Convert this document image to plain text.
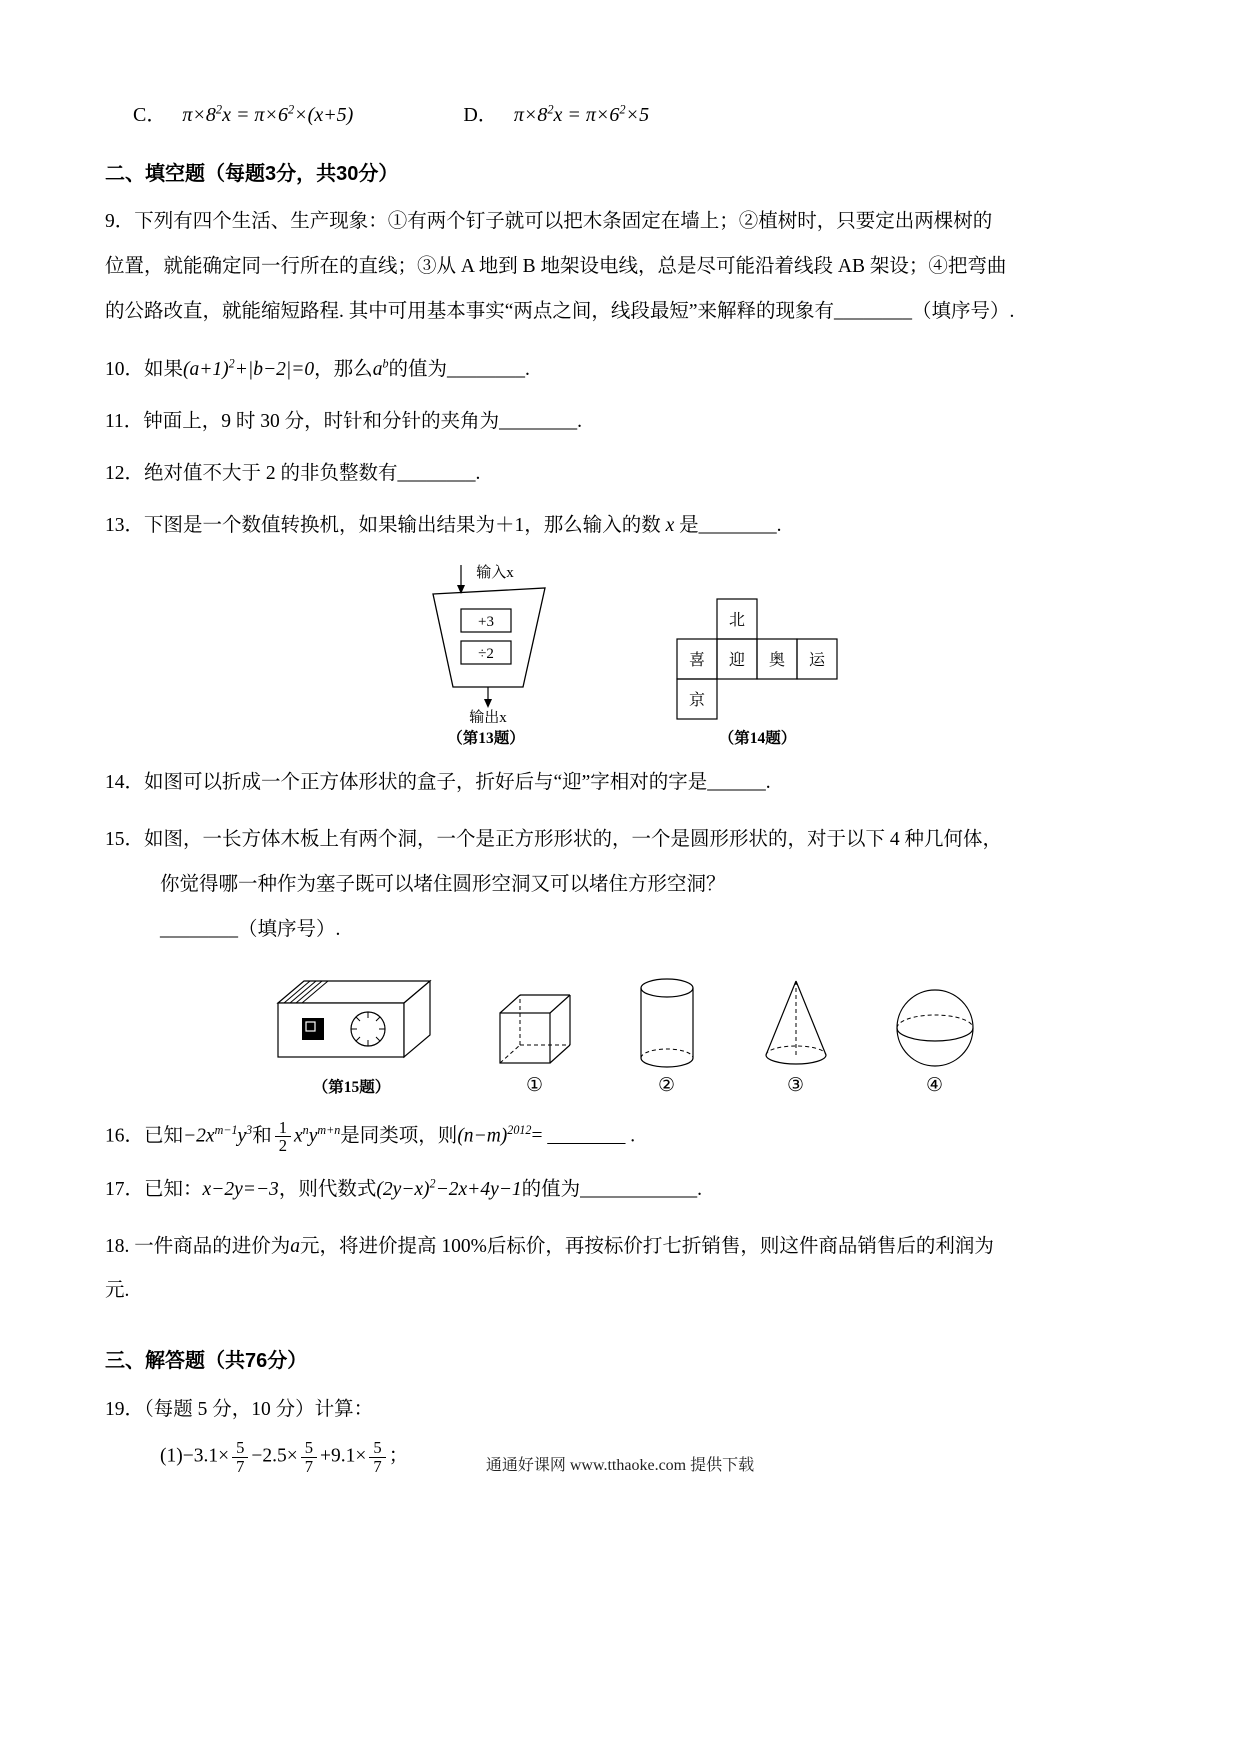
C． $\pi\times 8^2x = \pi\times 6^2\times(x+5)$	D． $\pi\times 8^2x = \pi\times 6^2\times 5$
二、填空题（每题3分，共30分）
9．下列有四个生活、生产现象：①有两个钉子就可以把木条固定在墙上；②植树时，只要定出两棵树的
位置，就能确定同一行所在的直线；③从 A 地到 B 地架设电线，总是尽可能沿着线段 AB 架设；④把弯曲
的公路改直，就能缩短路程. 其中可用基本事实“两点之间，线段最短”来解释的现象有________（填序号）.
10．如果$(a+1)^2+|b-2|=0$，那么$a^b$的值为________.
11．钟面上，9 时 30 分，时针和分针的夹角为________.
12．绝对值不大于 2 的非负整数有________.
13．下图是一个数值转换机，如果输出结果为＋1，那么输入的数 x 是________.
输入x
+3
÷2
输出x
（第13题）
北
喜 迎 奥 运
京
（第14题）
14．如图可以折成一个正方体形状的盒子，折好后与“迎”字相对的字是______.
15．如图，一长方体木板上有两个洞，一个是正方形形状的，一个是圆形形状的，对于以下 4 种几何体，
你觉得哪一种作为塞子既可以堵住圆形空洞又可以堵住方形空洞？
________（填序号）.
（第15题）	①	②	③	④
16．已知$-2x^{m-1}y^3$和 $\frac{1}{2} x^ny^{m+n}$是同类项，则$(n-m)^{2012}=$ ________ .
17．已知：x−2y=−3，则代数式$(2y-x)^2-2x+4y-1$的值为____________.
18. 一件商品的进价为a元，将进价提高 100%后标价，再按标价打七折销售，则这件商品销售后的利润为
元.
三、解答题（共76分）
19．（每题 5 分，10 分）计算：
$(1)-3.1\times \frac{5}{7} -2.5\times \frac{5}{7} +9.1\times \frac{5}{7}$ ；	通通好课网 www.tthaoke.com 提供下载
